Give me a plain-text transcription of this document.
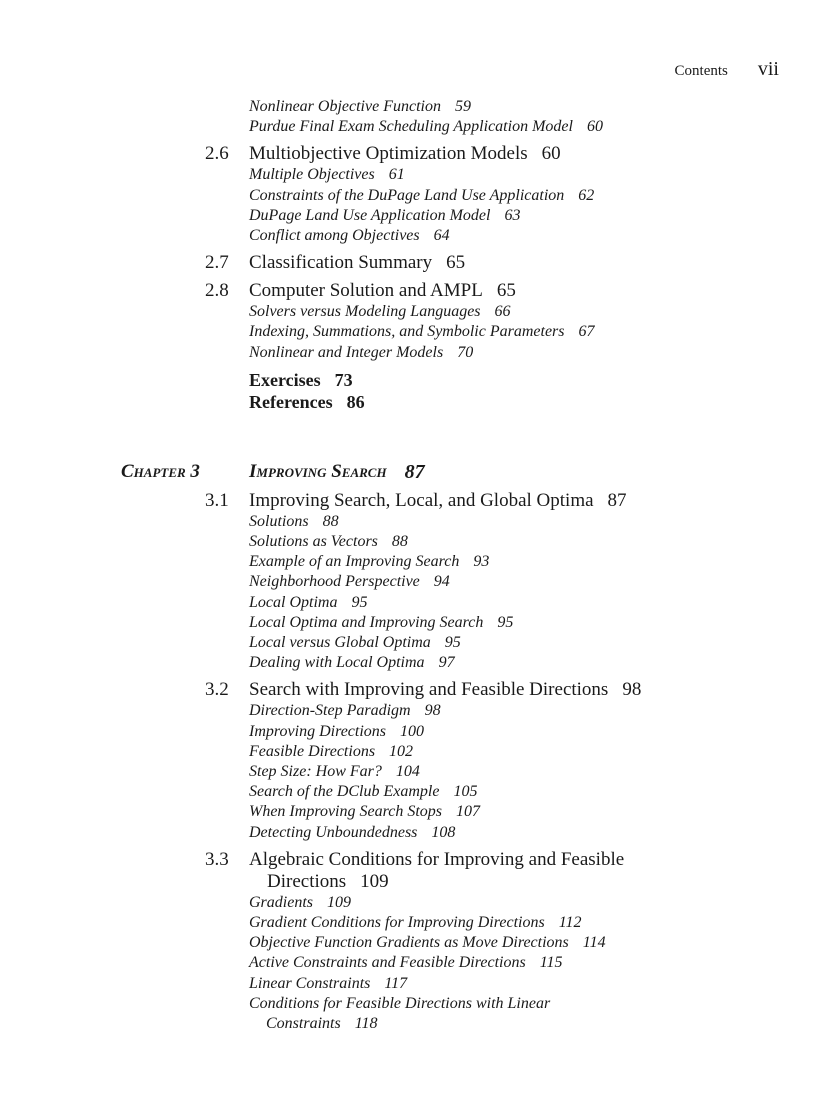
Contents vii
Nonlinear Objective Function 59
Purdue Final Exam Scheduling Application Model 60
2.6	Multiobjective Optimization Models 60
Multiple Objectives 61
Constraints of the DuPage Land Use Application 62
DuPage Land Use Application Model 63
Conflict among Objectives 64
2.7	Classification Summary 65
2.8	Computer Solution and AMPL 65
Solvers versus Modeling Languages 66
Indexing, Summations, and Symbolic Parameters 67
Nonlinear and Integer Models 70
Exercises 73
References 86
Chapter 3	Improving Search 87
3.1	Improving Search, Local, and Global Optima 87
Solutions 88
Solutions as Vectors 88
Example of an Improving Search 93
Neighborhood Perspective 94
Local Optima 95
Local Optima and Improving Search 95
Local versus Global Optima 95
Dealing with Local Optima 97
3.2	Search with Improving and Feasible Directions 98
Direction-Step Paradigm 98
Improving Directions 100
Feasible Directions 102
Step Size: How Far? 104
Search of the DClub Example 105
When Improving Search Stops 107
Detecting Unboundedness 108
3.3	Algebraic Conditions for Improving and Feasible
Directions 109
Gradients 109
Gradient Conditions for Improving Directions 112
Objective Function Gradients as Move Directions 114
Active Constraints and Feasible Directions 115
Linear Constraints 117
Conditions for Feasible Directions with Linear
Constraints 118
